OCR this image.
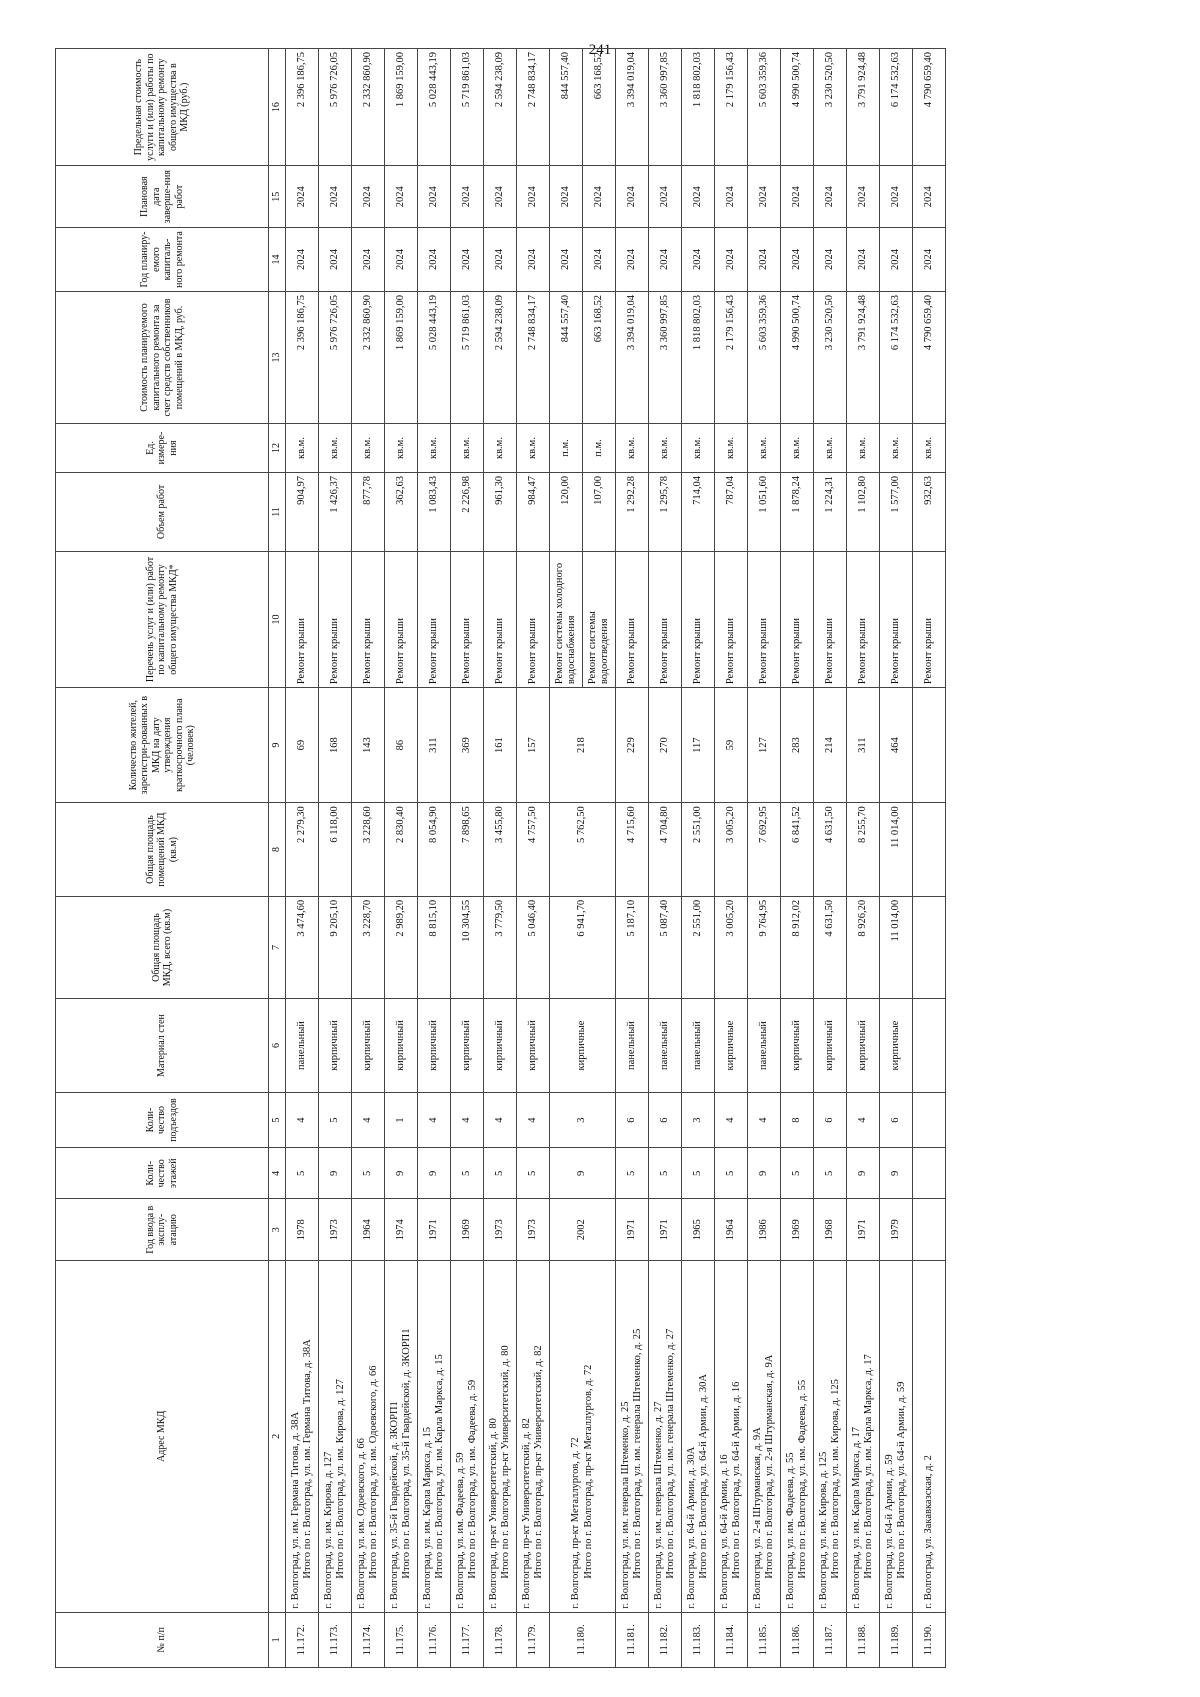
241
№ п/п	Адрес МКД	Год ввода в эксплу-атацию	Коли-чество этажей	Коли-чество подъездов	Материал стен	Общая площадь МКД, всего (кв.м)	Общая площадь помещений МКД (кв.м)	Количество жителей, зарегистри-рованных в МКД на дату утверждения краткосрочного плана (человек)	Перечень услуг и (или) работ по капитальному ремонту общего имущества МКД*	Объем работ	Ед. измере-ния	Стоимость планируемого капитального ремонта за счет средств собственников помещений в МКД, руб.	Год планиру-емого капиталь-ного ремонта	Плановая дата заверше-ния работ	Предельная стоимость услуги и (или) работы по капитальному ремонту общего имущества в МКД (руб.)
1	2	3	4	5	6	7	8	9	10	11	12	13	14	15	16
11.172.	г. Волгоград, ул. им. Германа Титова, д. 38А Итого по г. Волгоград, ул. им. Германа Титова, д. 38А	1978	5	4	панельный	3 474,60	2 279,30	69	Ремонт крыши	904,97	кв.м.	2 396 186,75	2024	2024	2 396 186,75
11.173.	г. Волгоград, ул. им. Кирова, д. 127 Итого по г. Волгоград, ул. им. Кирова, д. 127	1973	9	5	кирпичный	9 205,10	6 118,00	168	Ремонт крыши	1 426,37	кв.м.	5 976 726,05	2024	2024	5 976 726,05
11.174.	г. Волгоград, ул. им. Одоевского, д. 66 Итого по г. Волгоград, ул. им. Одоевского, д. 66	1964	5	4	кирпичный	3 228,70	3 228,60	143	Ремонт крыши	877,78	кв.м.	2 332 860,90	2024	2024	2 332 860,90
11.175.	г. Волгоград, ул. 35-й Гвардейской, д. 3КОРП1 Итого по г. Волгоград, ул. 35-й Гвардейской, д. 3КОРП1	1974	9	1	кирпичный	2 989,20	2 830,40	86	Ремонт крыши	362,63	кв.м.	1 869 159,00	2024	2024	1 869 159,00
11.176.	г. Волгоград, ул. им. Карла Маркса, д. 15 Итого по г. Волгоград, ул. им. Карла Маркса, д. 15	1971	9	4	кирпичный	8 815,10	8 054,90	311	Ремонт крыши	1 083,43	кв.м.	5 028 443,19	2024	2024	5 028 443,19
11.177.	г. Волгоград, ул. им. Фадеева, д. 59 Итого по г. Волгоград, ул. им. Фадеева, д. 59	1969	5	4	кирпичный	10 304,55	7 898,65	369	Ремонт крыши	2 226,98	кв.м.	5 719 861,03	2024	2024	5 719 861,03
11.178.	г. Волгоград, пр-кт Университетский, д. 80 Итого по г. Волгоград, пр-кт Университетский, д. 80	1973	5	4	кирпичный	3 779,50	3 455,80	161	Ремонт крыши	961,30	кв.м.	2 594 238,09	2024	2024	2 594 238,09
11.179.	г. Волгоград, пр-кт Университетский, д. 82 Итого по г. Волгоград, пр-кт Университетский, д. 82	1973	5	4	кирпичный	5 046,40	4 757,50	157	Ремонт крыши	984,47	кв.м.	2 748 834,17	2024	2024	2 748 834,17
11.180.	г. Волгоград, пр-кт Металлургов, д. 72 Итого по г. Волгоград, пр-кт Металлургов, д. 72	2002	9	3	кирпичные	6 941,70	5 762,50	218	Ремонт системы холодного водоснабжения	120,00	п.м.	844 557,40	2024	2024	844 557,40
									Ремонт системы водоотведения	107,00	п.м.	663 168,52	2024	2024	663 168,52
11.181.	г. Волгоград, ул. им. генерала Штеменко, д. 25 Итого по г. Волгоград, ул. им. генерала Штеменко, д. 25	1971	5	6	панельный	5 187,10	4 715,60	229	Ремонт крыши	1 292,28	кв.м.	3 394 019,04	2024	2024	3 394 019,04
11.182.	г. Волгоград, ул. им. генерала Штеменко, д. 27 Итого по г. Волгоград, ул. им. генерала Штеменко, д. 27	1971	5	6	панельный	5 087,40	4 704,80	270	Ремонт крыши	1 295,78	кв.м.	3 360 997,85	2024	2024	3 360 997,85
11.183.	г. Волгоград, ул. 64-й Армии, д. 30А Итого по г. Волгоград, ул. 64-й Армии, д. 30А	1965	5	3	панельный	2 551,00	2 551,00	117	Ремонт крыши	714,04	кв.м.	1 818 802,03	2024	2024	1 818 802,03
11.184.	г. Волгоград, ул. 64-й Армии, д. 16 Итого по г. Волгоград, ул. 64-й Армии, д. 16	1964	5	4	кирпичные	3 005,20	3 005,20	59	Ремонт крыши	787,04	кв.м.	2 179 156,43	2024	2024	2 179 156,43
11.185.	г. Волгоград, ул. 2-я Штурманская, д. 9А Итого по г. Волгоград, ул. 2-я Штурманская, д. 9А	1986	9	4	панельный	9 764,95	7 692,95	127	Ремонт крыши	1 051,60	кв.м.	5 603 359,36	2024	2024	5 603 359,36
11.186.	г. Волгоград, ул. им. Фадеева, д. 55 Итого по г. Волгоград, ул. им. Фадеева, д. 55	1969	5	8	кирпичный	8 912,02	6 841,52	283	Ремонт крыши	1 878,24	кв.м.	4 990 500,74	2024	2024	4 990 500,74
11.187.	г. Волгоград, ул. им. Кирова, д. 125 Итого по г. Волгоград, ул. им. Кирова, д. 125	1968	5	6	кирпичный	4 631,50	4 631,50	214	Ремонт крыши	1 224,31	кв.м.	3 230 520,50	2024	2024	3 230 520,50
11.188.	г. Волгоград, ул. им. Карла Маркса, д. 17 Итого по г. Волгоград, ул. им. Карла Маркса, д. 17	1971	9	4	кирпичный	8 926,20	8 255,70	311	Ремонт крыши	1 102,80	кв.м.	3 791 924,48	2024	2024	3 791 924,48
11.189.	г. Волгоград, ул. 64-й Армии, д. 59 Итого по г. Волгоград, ул. 64-й Армии, д. 59	1979	9	6	кирпичные	11 014,00	11 014,00	464	Ремонт крыши	1 577,00	кв.м.	6 174 532,63	2024	2024	6 174 532,63
11.190.	г. Волгоград, ул. Закавказская, д. 2								Ремонт крыши	932,63	кв.м.	4 790 659,40	2024	2024	4 790 659,40
